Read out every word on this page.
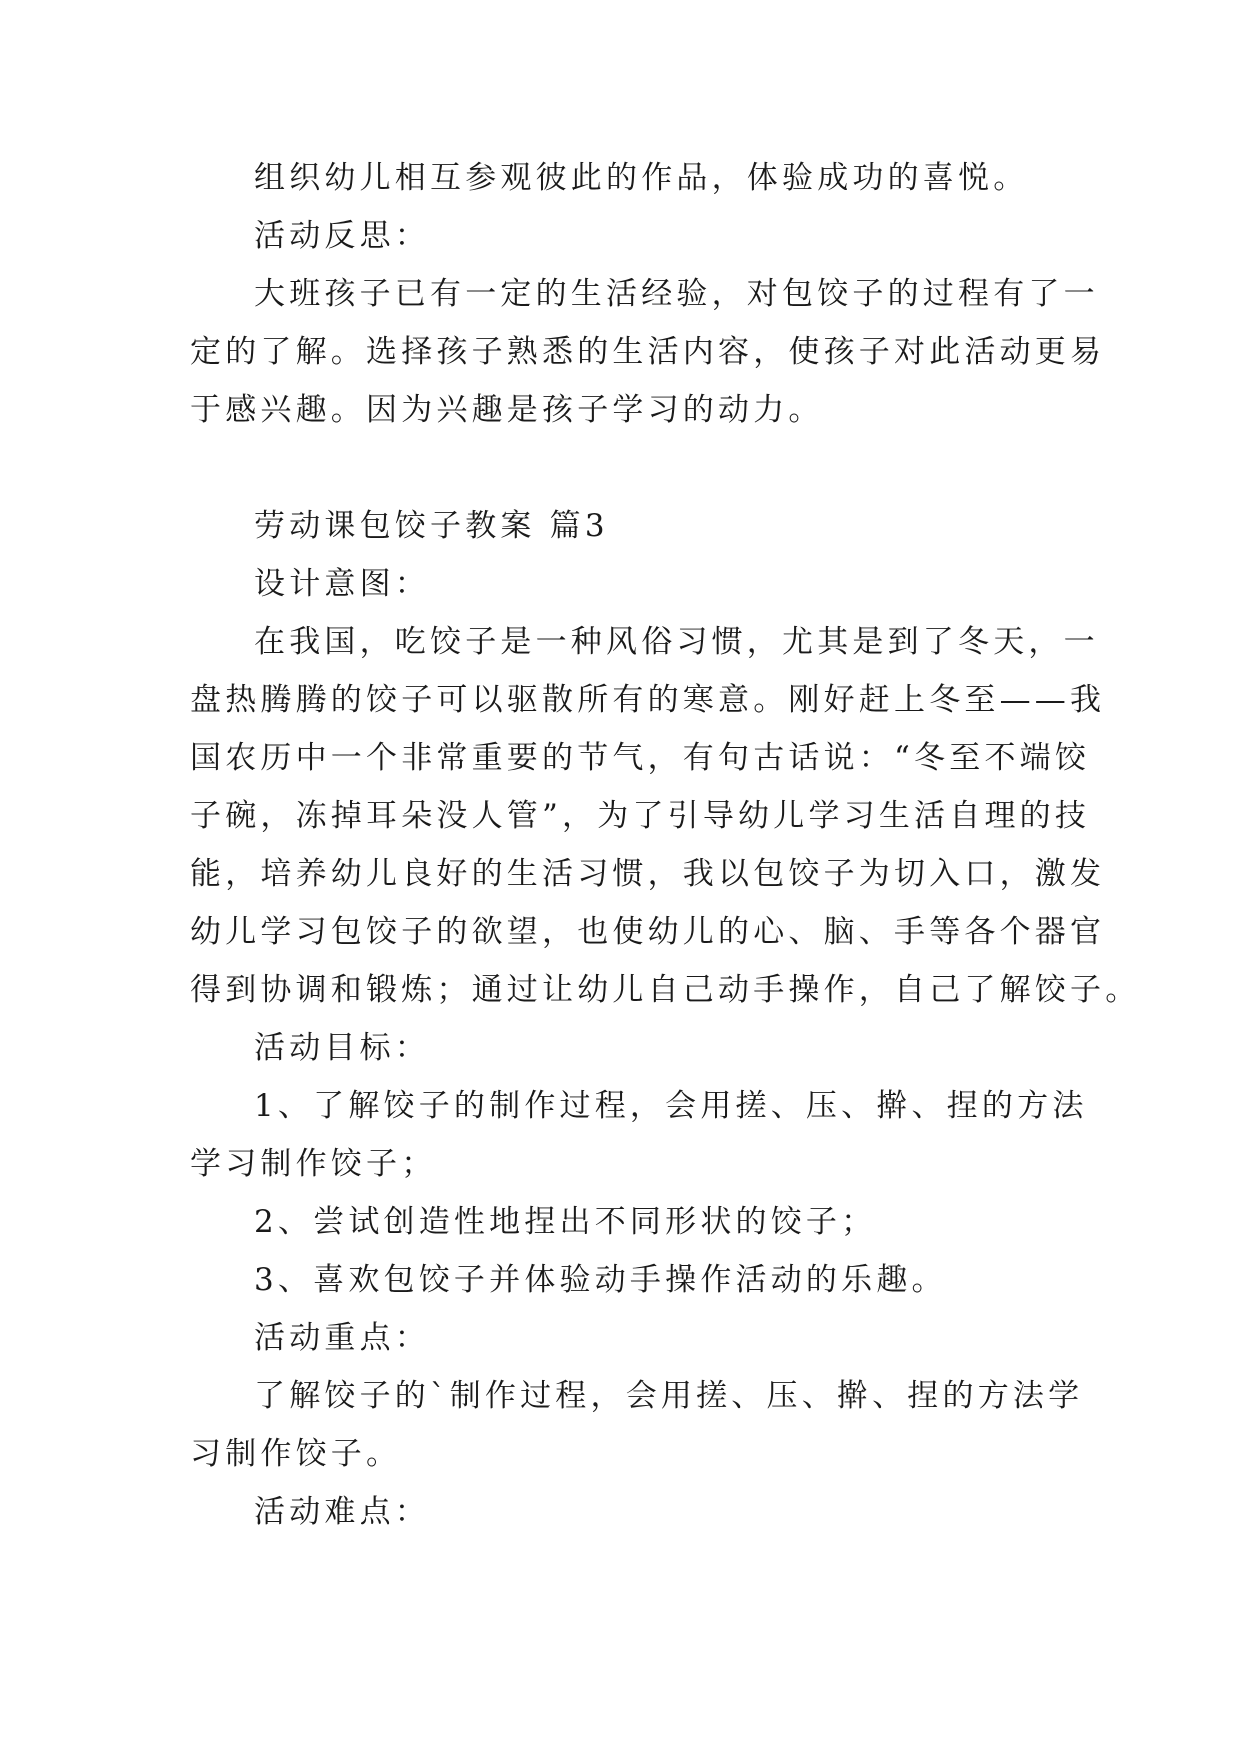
组织幼儿相互参观彼此的作品，体验成功的喜悦。
活动反思：
大班孩子已有一定的生活经验，对包饺子的过程有了一
定的了解。选择孩子熟悉的生活内容，使孩子对此活动更易
于感兴趣。因为兴趣是孩子学习的动力。
劳动课包饺子教案 篇3
设计意图：
在我国，吃饺子是一种风俗习惯，尤其是到了冬天，一
盘热腾腾的饺子可以驱散所有的寒意。刚好赶上冬至——我
国农历中一个非常重要的节气，有句古话说：“冬至不端饺
子碗，冻掉耳朵没人管”，为了引导幼儿学习生活自理的技
能，培养幼儿良好的生活习惯，我以包饺子为切入口，激发
幼儿学习包饺子的欲望，也使幼儿的心、脑、手等各个器官
得到协调和锻炼；通过让幼儿自己动手操作，自己了解饺子。
活动目标：
1、了解饺子的制作过程，会用搓、压、擀、捏的方法
学习制作饺子；
2、尝试创造性地捏出不同形状的饺子；
3、喜欢包饺子并体验动手操作活动的乐趣。
活动重点：
了解饺子的`制作过程，会用搓、压、擀、捏的方法学
习制作饺子。
活动难点：
